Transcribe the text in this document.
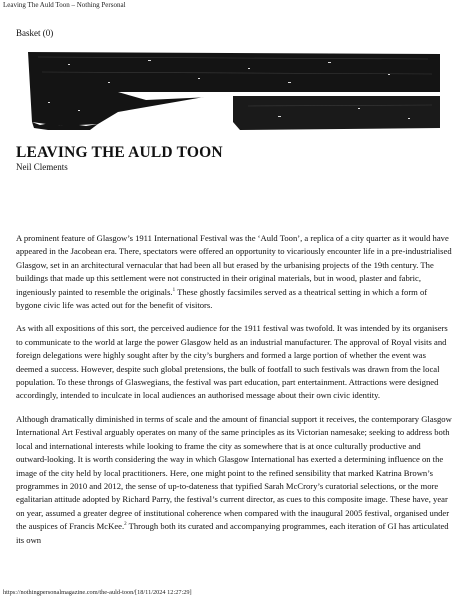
Leaving The Auld Toon – Nothing Personal
Basket (0)
LEAVING THE AULD TOON
Neil Clements

A prominent feature of Glasgow’s 1911 International Festival was the ‘Auld Toon’, a replica of a city quarter as it would have appeared in the Jacobean era. There, spectators were offered an opportunity to vicariously encounter life in a pre-industrialised Glasgow, set in an architectural vernacular that had been all but erased by the urbanising projects of the 19th century. The buildings that made up this settlement were not constructed in their original materials, but in wood, plaster and fabric, ingeniously painted to resemble the originals.$^1$ These ghostly facsimiles served as a theatrical setting in which a form of bygone civic life was acted out for the benefit of visitors.

As with all expositions of this sort, the perceived audience for the 1911 festival was twofold. It was intended by its organisers to communicate to the world at large the power Glasgow held as an industrial manufacturer. The approval of Royal visits and foreign delegations were highly sought after by the city’s burghers and formed a large portion of whether the event was deemed a success. However, despite such global pretensions, the bulk of footfall to such festivals was drawn from the local population. To these throngs of Glaswegians, the festival was part education, part entertainment. Attractions were designed accordingly, intended to inculcate in local audiences an authorised message about their own civic identity.

Although dramatically diminished in terms of scale and the amount of financial support it receives, the contemporary Glasgow International Art Festival arguably operates on many of the same principles as its Victorian namesake; seeking to address both local and international interests while looking to frame the city as somewhere that is at once culturally productive and outward-looking. It is worth considering the way in which Glasgow International has exerted a determining influence on the image of the city held by local practitioners. Here, one might point to the refined sensibility that marked Katrina Brown’s programmes in 2010 and 2012, the sense of up-to-dateness that typified Sarah McCrory’s curatorial selections, or the more egalitarian attitude adopted by Richard Parry, the festival’s current director, as cues to this composite image. These have, year on year, assumed a greater degree of institutional coherence when compared with the inaugural 2005 festival, organised under the auspices of Francis McKee.$^2$ Through both its curated and accompanying programmes, each iteration of GI has articulated its own

https://nothingpersonalmagazine.com/the-auld-toon/[18/11/2024 12:27:29]
